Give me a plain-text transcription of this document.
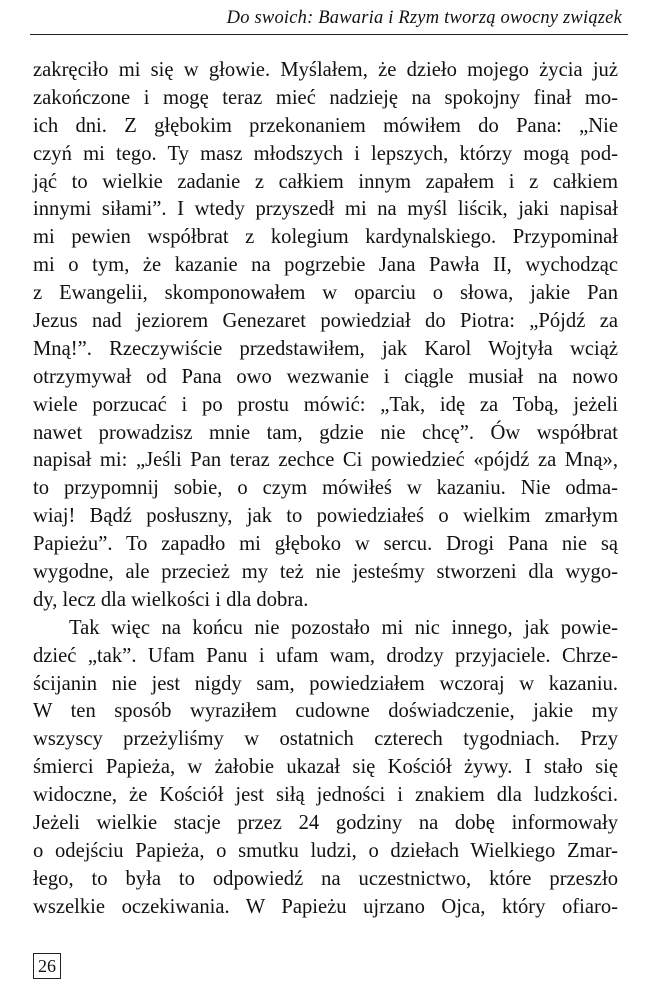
Do swoich: Bawaria i Rzym tworzą owocny związek
zakręciło mi się w głowie. Myślałem, że dzieło mojego życia już
zakończone i mogę teraz mieć nadzieję na spokojny finał mo-
ich dni. Z głębokim przekonaniem mówiłem do Pana: „Nie
czyń mi tego. Ty masz młodszych i lepszych, którzy mogą pod-
jąć to wielkie zadanie z całkiem innym zapałem i z całkiem
innymi siłami”. I wtedy przyszedł mi na myśl liścik, jaki napisał
mi pewien współbrat z kolegium kardynalskiego. Przypominał
mi o tym, że kazanie na pogrzebie Jana Pawła II, wychodząc
z Ewangelii, skomponowałem w oparciu o słowa, jakie Pan
Jezus nad jeziorem Genezaret powiedział do Piotra: „Pójdź za
Mną!”. Rzeczywiście przedstawiłem, jak Karol Wojtyła wciąż
otrzymywał od Pana owo wezwanie i ciągle musiał na nowo
wiele porzucać i po prostu mówić: „Tak, idę za Tobą, jeżeli
nawet prowadzisz mnie tam, gdzie nie chcę”. Ów współbrat
napisał mi: „Jeśli Pan teraz zechce Ci powiedzieć «pójdź za Mną»,
to przypomnij sobie, o czym mówiłeś w kazaniu. Nie odma-
wiaj! Bądź posłuszny, jak to powiedziałeś o wielkim zmarłym
Papieżu”. To zapadło mi głęboko w sercu. Drogi Pana nie są
wygodne, ale przecież my też nie jesteśmy stworzeni dla wygo-
dy, lecz dla wielkości i dla dobra.
Tak więc na końcu nie pozostało mi nic innego, jak powie-
dzieć „tak”. Ufam Panu i ufam wam, drodzy przyjaciele. Chrze-
ścijanin nie jest nigdy sam, powiedziałem wczoraj w kazaniu.
W ten sposób wyraziłem cudowne doświadczenie, jakie my
wszyscy przeżyliśmy w ostatnich czterech tygodniach. Przy
śmierci Papieża, w żałobie ukazał się Kościół żywy. I stało się
widoczne, że Kościół jest siłą jedności i znakiem dla ludzkości.
Jeżeli wielkie stacje przez 24 godziny na dobę informowały
o odejściu Papieża, o smutku ludzi, o dziełach Wielkiego Zmar-
łego, to była to odpowiedź na uczestnictwo, które przeszło
wszelkie oczekiwania. W Papieżu ujrzano Ojca, który ofiaro-
26
